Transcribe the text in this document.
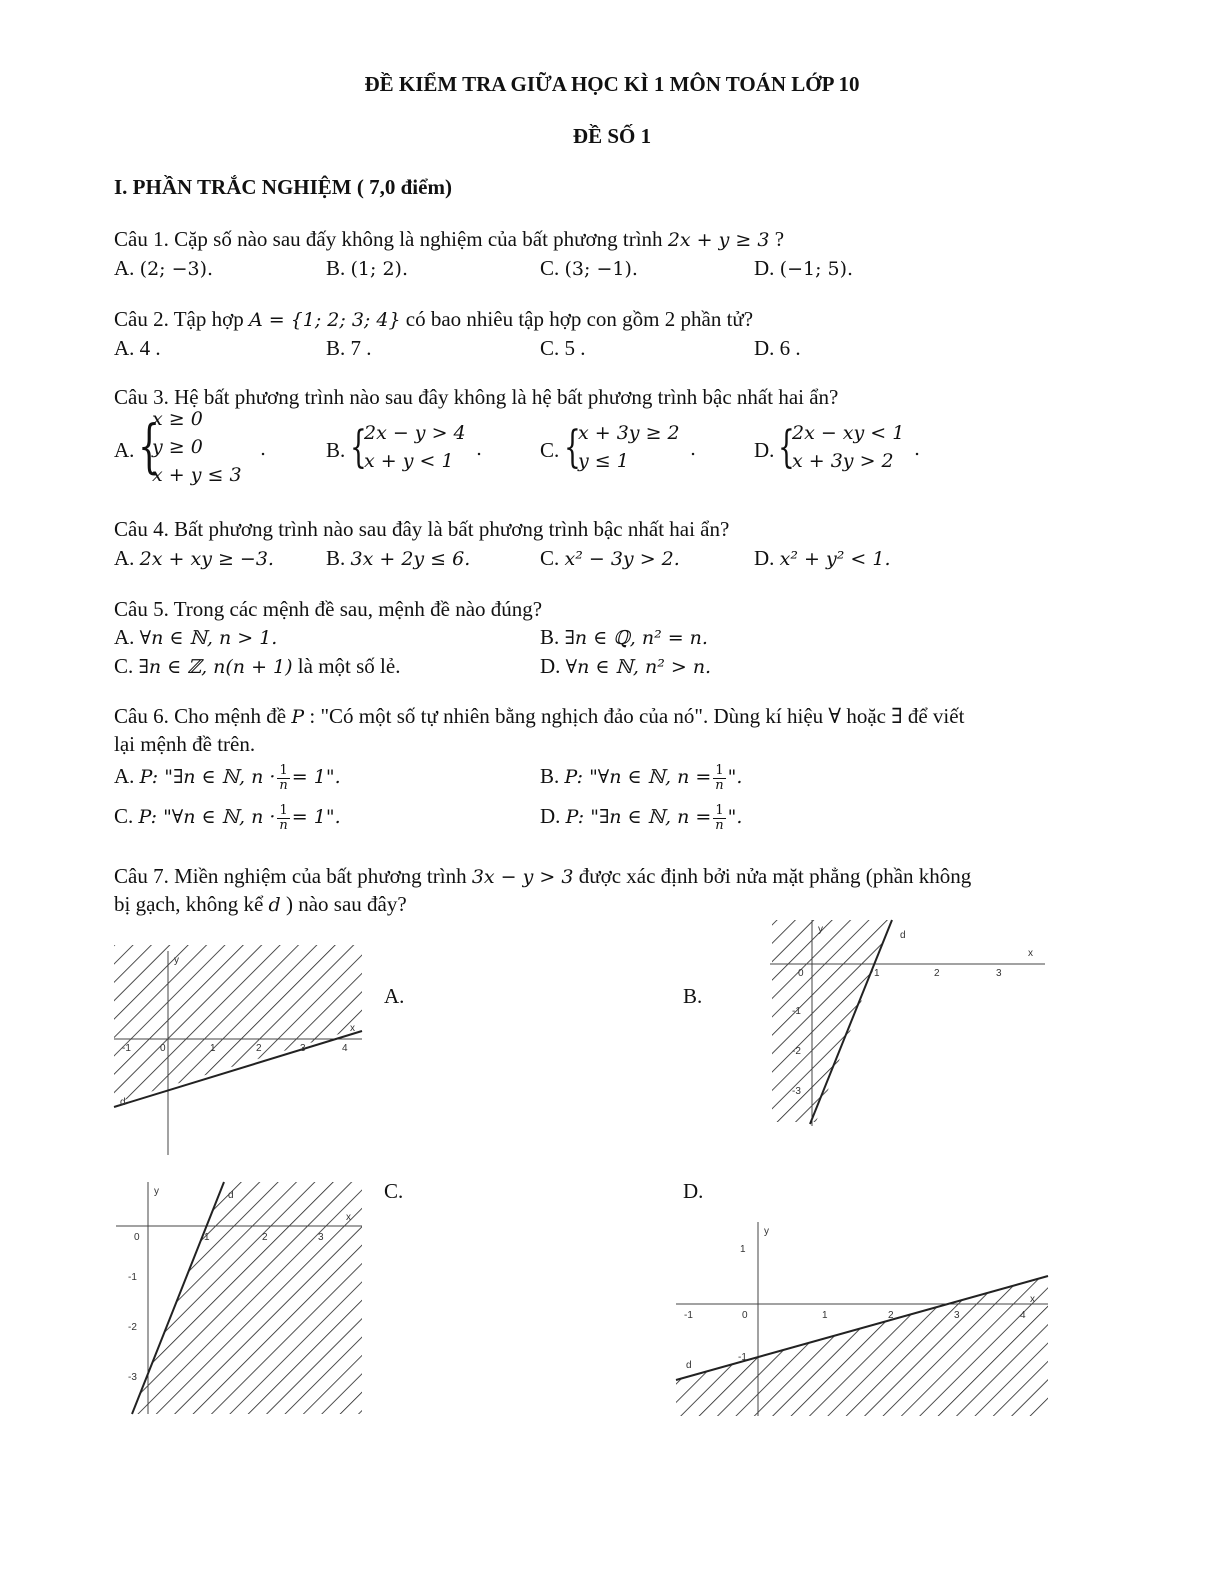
ĐỀ KIỂM TRA GIỮA HỌC KÌ 1 MÔN TOÁN LỚP 10
ĐỀ SỐ 1
I. PHẦN TRẮC NGHIỆM ( 7,0 điểm)
Câu 1. Cặp số nào sau đấy không là nghiệm của bất phương trình 2x + y ≥ 3 ?
A. (2; −3).	B. (1; 2).	C. (3; −1).	D. (−1; 5).
Câu 2. Tập hợp A = {1; 2; 3; 4} có bao nhiêu tập hợp con gồm 2 phần tử?
A. 4 .	B. 7 .	C. 5 .	D. 6 .
Câu 3. Hệ bất phương trình nào sau đây không là hệ bất phương trình bậc nhất hai ẩn?
A. {
x ≥ 0
y ≥ 0
x + y ≤ 3
.	B. {
2x − y > 4
x + y < 1
.	C. {
x + 3y ≥ 2
y ≤ 1
.	D. {
2x − xy < 1
x + 3y > 2
.
Câu 4. Bất phương trình nào sau đây là bất phương trình bậc nhất hai ẩn?
A. 2x + xy ≥ −3. B. 3x + 2y ≤ 6.	C. x² − 3y > 2.	D. x² + y² < 1.
Câu 5. Trong các mệnh đề sau, mệnh đề nào đúng?
A. ∀n ∈ ℕ, n > 1.	B. ∃n ∈ ℚ, n² = n.
C. ∃n ∈ ℤ, n(n + 1) là một số lẻ.	D. ∀n ∈ ℕ, n² > n.
Câu 6. Cho mệnh đề P : "Có một số tự nhiên bằng nghịch đảo của nó". Dùng kí hiệu ∀ hoặc ∃ để viết
lại mệnh đề trên.
A. P: "∃n ∈ ℕ, $n \cdot \frac{1}{n} = 1$".	B. P: "∀n ∈ ℕ, $n = \frac{1}{n}$ ".
C. P: "∀n ∈ ℕ, $n \cdot \frac{1}{n} = 1$".	D. P: "∃n ∈ ℕ, $n = \frac{1}{n}$ ".
Câu 7. Miền nghiệm của bất phương trình 3x − y > 3 được xác định bởi nửa mặt phẳng (phần không
bị gạch, không kể d ) nào sau đây?
A.	B.
C.	D.
x
y
d
-1	0	1	2	3	4
x
y
d
0	1	2	3
-1
-2
-3
x
y	d
0	1	2	3
-1
-2
-3
x
y
d
1
-1	0	1	2	3	4
-1
